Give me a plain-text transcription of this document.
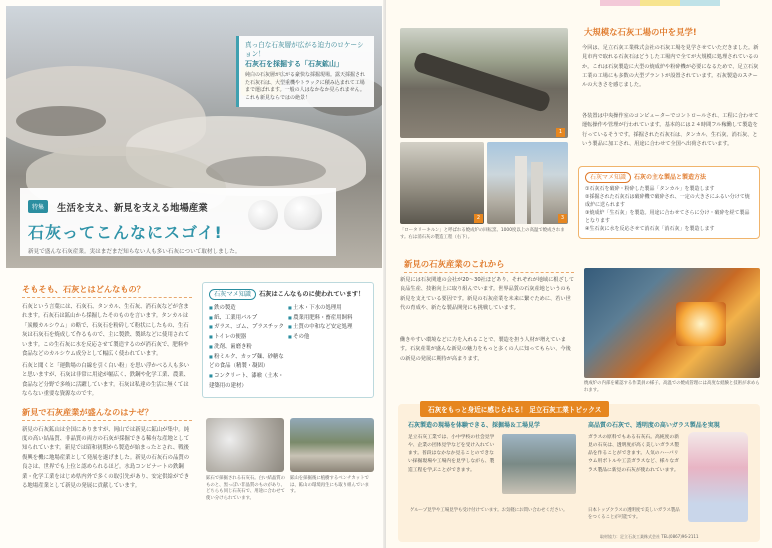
真っ白な石灰層が広がる迫力のロケーション！
石灰石を採掘する「石灰鉱山」
純白の石灰層が広がる豪快な採掘現場。露天採掘された石灰石は、大型重機やトラックに積み込まれて工場まで運ばれます。一般の人はなかなか見られません。これも新見ならではの絶景！
特集 生活を支え、新見を支える地場産業
石灰ってこんなにスゴイ!
新見で盛んな石灰産業。実はまだまだ知らない人も多い石灰について取材しました。
そもそも、石灰とはどんなもの？
石灰という言葉には、石灰石、タンカル、生石灰、消石灰などが含まれます。石灰石は鉱山から採掘したそのものを言います。タンカルは「炭酸カルシウム」の略で、石灰石を粉砕して粉状にしたもの、生石灰は石灰石を焼成して作るもので、主に製鉄、製紙などに使用されています。この生石灰に水を反応させて製造するのが消石灰で、肥料や食品などのカルシウム成分として幅広く使われています。
石灰と聞くと「運動場の白線を引く白い粉」を思い浮かべる人も多いと思いますが、石灰は非常に用途が幅広く、鉄鋼や化学工業、農業、食品など分野で多岐に活躍しています。石灰は私達の生活に無くてはならない重要な資源なのです。
新見で石灰産業が盛んなのはナゼ？
新見の石灰鉱山は全国にありますが、岡山では新見に鉱山が集中。純度の高い結晶質、非晶質の両方の石灰が採掘できる稀有な産地として知られています。新見では昭和初期から製造が始まったとされ、戦後復興を機に地場産業として発展を遂げました。新見の石灰石の品質の良さは、世界でも上位と認められるほど。水島コンビナートの鉄鋼業・化学工業をはじめ県内外で多くの取引先があり、安定供給ができる地場産業として新見の発展に貢献しています。
石灰マメ知識 石灰はこんなものに使われています！
■ 鉄の製造
■ 紙、工業用パルプ
■ ガラス、ゴム、プラスチック
■ トイレの便器
■ 洗剤、歯磨き粉
■ 粉ミルク、カップ麺、砂糖などの食品（精製・凝固）
■ コンクリート、漆喰（土木・建築用の建材）
■ 土木・下水の処理用
■ 農業用肥料・畜産用飼料
■ 土質の中和など安定処理
■ その他
鉱石で採掘される石灰石。白い結晶質のものと、黒っぽい非晶質のものがあり、どちらも同じ石灰石で、用途に合わせて使い分けられています。
鉱山を採掘後に植樹するベンチカットでは、鉱山の環境再生にも取り組んでいます。
1
2	3
「ロータリーキルン」と呼ばれる焼成炉の回転窯。1000度以上の高温で焼成されます。右は消石灰の製造工程（右下）。
大規模な石灰工場の中を見学!
今回は、足立石灰工業株式会社の石灰工場を見学させていただきました。新見市内で取れる石灰石はどうした工場内で全てが大規模に処理されているのか。これは石灰製造に大型の焼成炉や粉砕機が必要になるためで、足立石灰工業の工場にも多数の大型プラントが設置されています。石灰製造のスチールの大きさを感じました。
各装置は中央操作室のコンピューターでコントロールされ、工程に合わせて運転操作や管理が行われています。基本的には２４時間フル稼働して製造を行っているそうです。採掘された石灰石は、タンカル、生石灰、消石灰、という製品に加工され、用途に合わせて全国へ出荷されています。
石灰マメ知識 石灰の主な製品と製造方法
①石灰石を破砕・粉砕した製品「タンカル」を製造します
②採掘された石灰石は破砕機で破砕され、一定の大きさにふるい分けて焼成炉に送られます
③焼成炉「生石灰」を製造。用途に合わせてさらに分け・破砕を経て製品となります
④生石灰に水を反応させて消石灰「消石灰」を製造します
新見の石灰産業のこれから
新見には石灰関連の会社が20〜30社ほどあり、それぞれが地域に根ざして良品生産、技術向上に取り組んでいます。世界品質の石灰産地というのも新見を支えている要因です。新見の石灰産業を未来に繋ぐために、若い世代の育成や、新たな製品開発にも挑戦しています。
働きやすい環境などに力を入れることで、製造を担う人材が増えています。石灰産業が盛んな新見の魅力をもっと多くの人に知ってもらい、今後の新見の発展に期待が高まります。
焼成炉の内部を確認する作業員の様子。高温での焼成管理には高度な経験と技術が求められます。
石灰をもっと身近に感じられる！ 足立石灰工業トピックス
石灰製造の現場を体験できる、採掘場＆工場見学
足立石灰工業では、小中学校の社会見学や、企業の団体見学などを受け入れています。普段はなかなか見ることのできない採掘現場や工場内を見学しながら、製造工程を学ぶことができます。
ゲループ見学や工場見学も受け付けています。お気軽にお問い合わせください。
高品質の石灰で、透明度の高いガラス製品を実現
ガラスの原料でもある石灰石。高純度の新見の石灰は、透明度が高く美しいガラス製品を作ることができます。人気のハーバリウム用ボトルや工芸ガラスなど、様々なガラス製品に新見の石灰が使われています。
日本トップクラスの透明度で美しいガラス製品をつくることが可能です。
取材協力：足立石灰工業株式会社 TEL(0867)96-2111
